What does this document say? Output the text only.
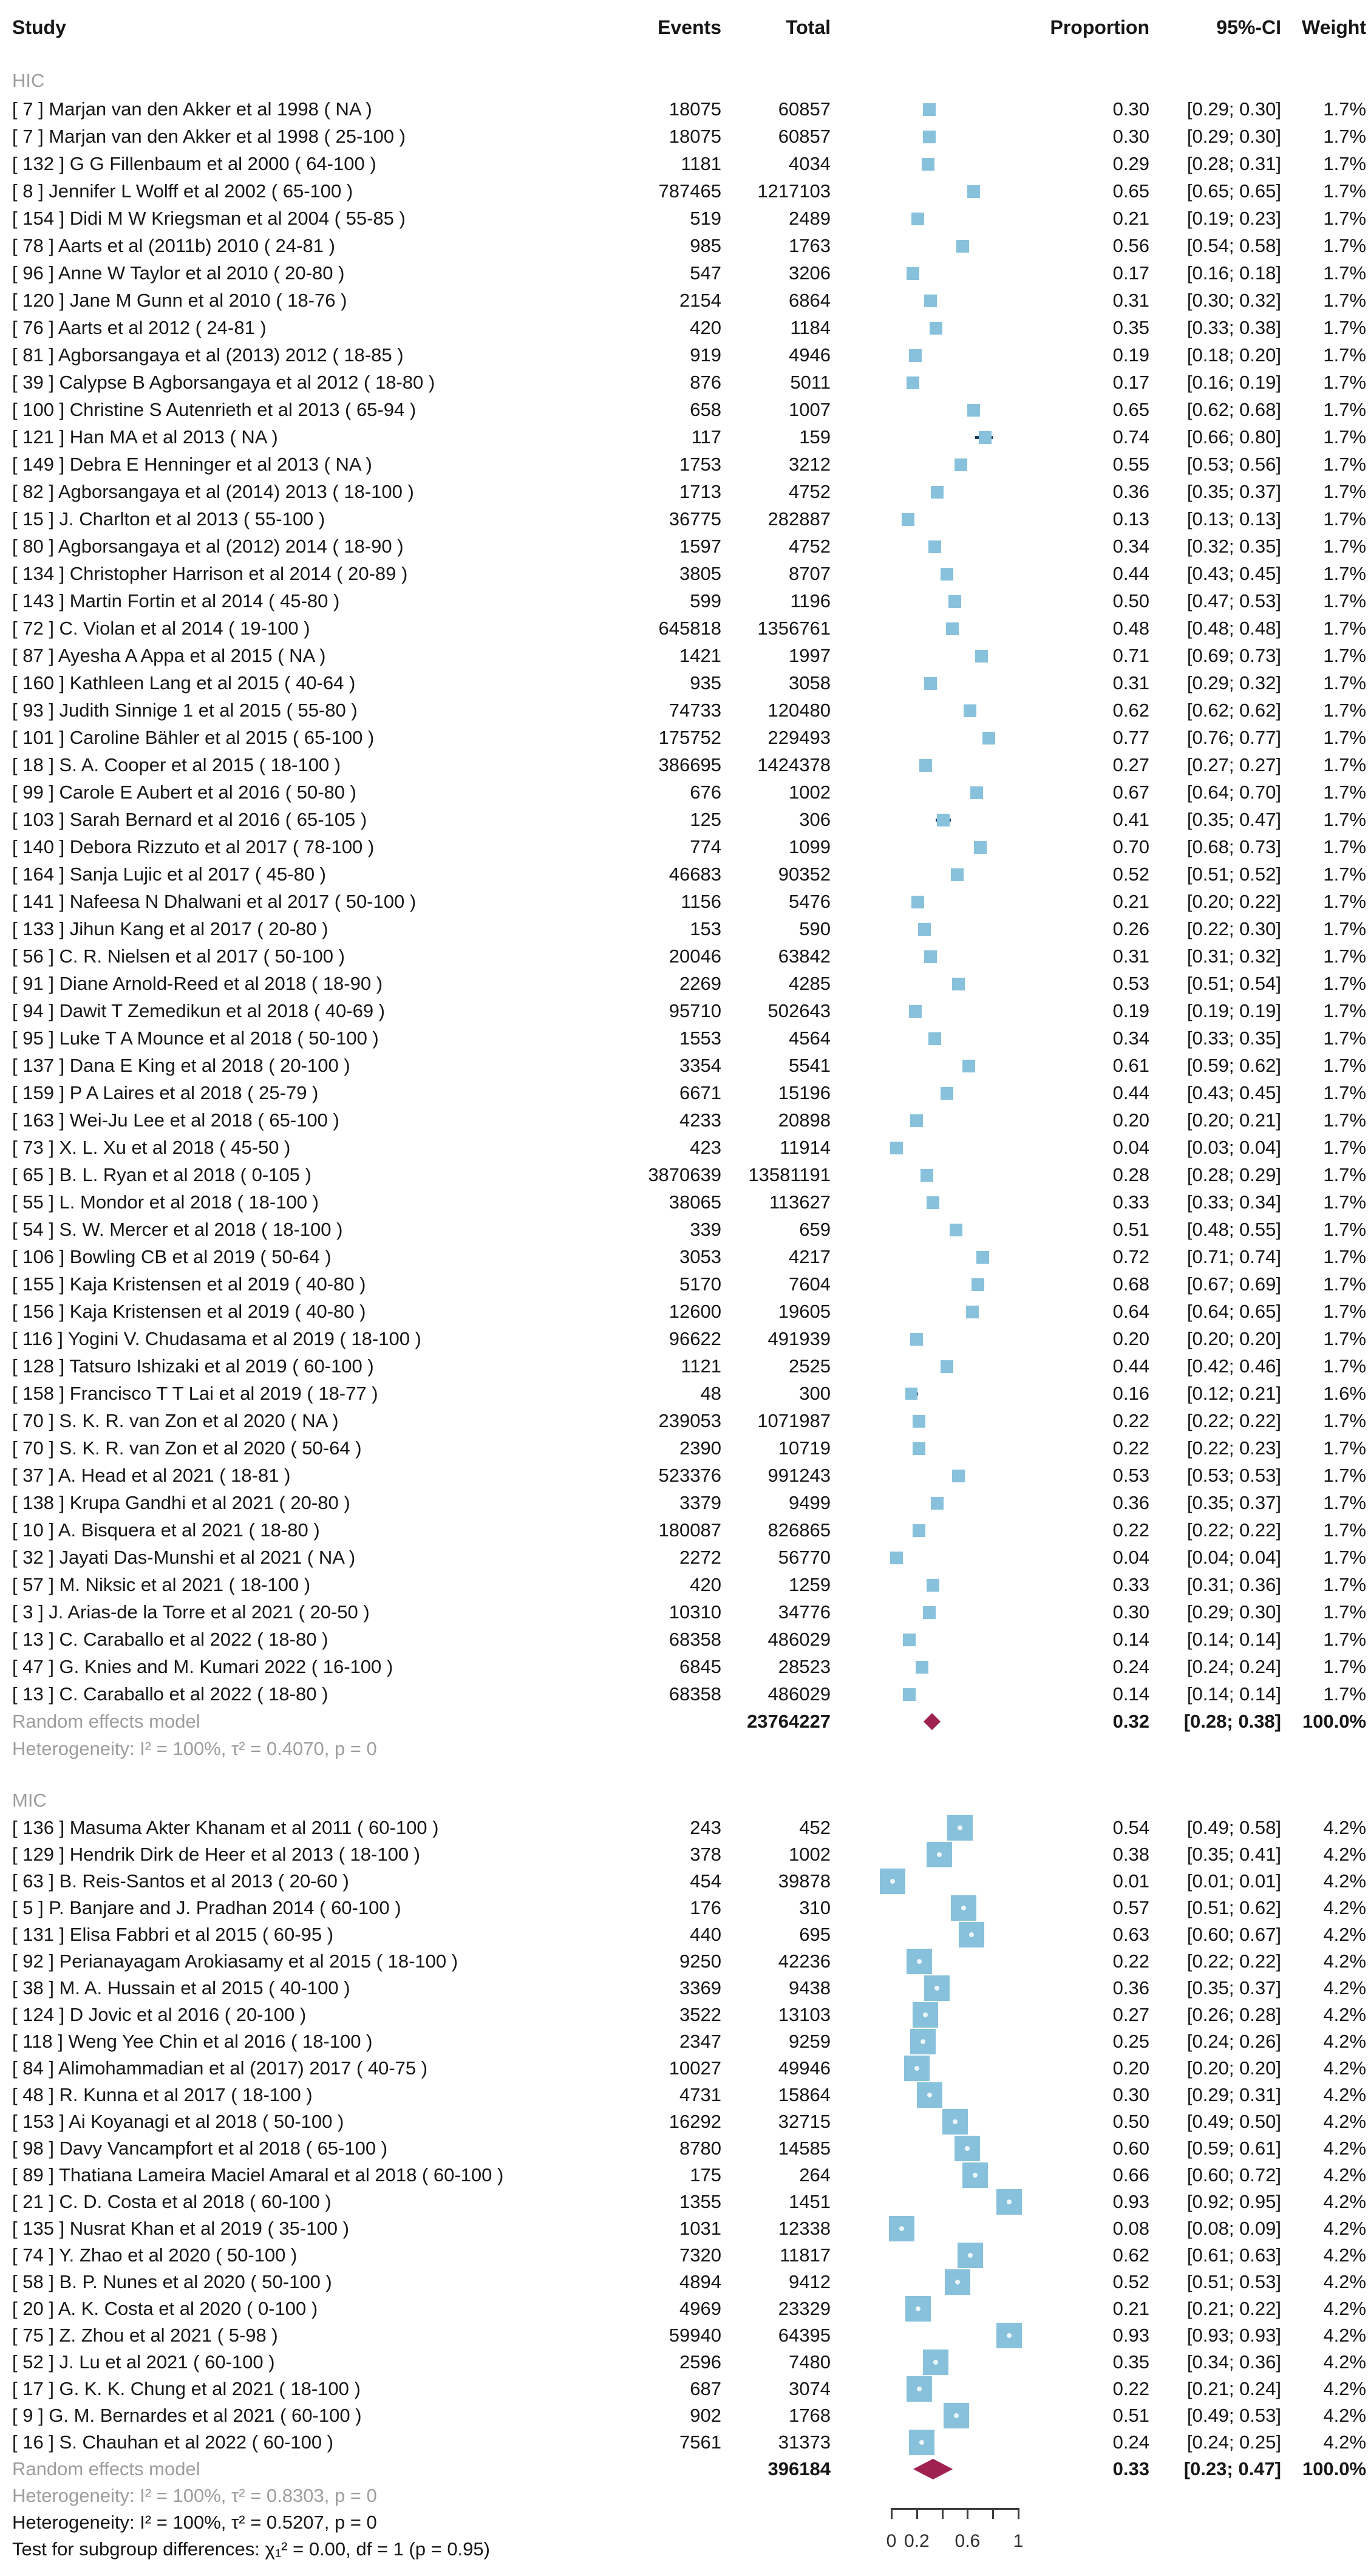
Study	Events	Total	Proportion	95%-CI Weight
HIC
[ 7 ] Marjan van den Akker et al 1998 ( NA )	18075	60857	0.30 [0.29; 0.30] 1.7%
[ 7 ] Marjan van den Akker et al 1998 ( 25-100 )	18075	60857	0.30 [0.29; 0.30] 1.7%
[ 132 ] G G Fillenbaum et al 2000 ( 64-100 )	1181	4034	0.29 [0.28; 0.31] 1.7%
[ 8 ] Jennifer L Wolff et al 2002 ( 65-100 )	787465 1217103	0.65 [0.65; 0.65] 1.7%
[ 154 ] Didi M W Kriegsman et al 2004 ( 55-85 )	519	2489	0.21 [0.19; 0.23] 1.7%
[ 78 ] Aarts et al (2011b) 2010 ( 24-81 )	985	1763	0.56 [0.54; 0.58] 1.7%
[ 96 ] Anne W Taylor et al 2010 ( 20-80 )	547	3206	0.17 [0.16; 0.18] 1.7%
[ 120 ] Jane M Gunn et al 2010 ( 18-76 )	2154	6864	0.31 [0.30; 0.32] 1.7%
[ 76 ] Aarts et al 2012 ( 24-81 )	420	1184	0.35 [0.33; 0.38] 1.7%
[ 81 ] Agborsangaya et al (2013) 2012 ( 18-85 )	919	4946	0.19 [0.18; 0.20] 1.7%
[ 39 ] Calypse B Agborsangaya et al 2012 ( 18-80 )	876	5011	0.17 [0.16; 0.19] 1.7%
[ 100 ] Christine S Autenrieth et al 2013 ( 65-94 )	658	1007	0.65 [0.62; 0.68] 1.7%
[ 121 ] Han MA et al 2013 ( NA )	117	159	0.74 [0.66; 0.80] 1.7%
[ 149 ] Debra E Henninger et al 2013 ( NA )	1753	3212	0.55 [0.53; 0.56] 1.7%
[ 82 ] Agborsangaya et al (2014) 2013 ( 18-100 )	1713	4752	0.36 [0.35; 0.37] 1.7%
[ 15 ] J. Charlton et al 2013 ( 55-100 )	36775 282887	0.13 [0.13; 0.13] 1.7%
[ 80 ] Agborsangaya et al (2012) 2014 ( 18-90 )	1597	4752	0.34 [0.32; 0.35] 1.7%
[ 134 ] Christopher Harrison et al 2014 ( 20-89 )	3805	8707	0.44 [0.43; 0.45] 1.7%
[ 143 ] Martin Fortin et al 2014 ( 45-80 )	599	1196	0.50 [0.47; 0.53] 1.7%
[ 72 ] C. Violan et al 2014 ( 19-100 )	645818 1356761	0.48 [0.48; 0.48] 1.7%
[ 87 ] Ayesha A Appa et al 2015 ( NA )	1421	1997	0.71 [0.69; 0.73] 1.7%
[ 160 ] Kathleen Lang et al 2015 ( 40-64 )	935	3058	0.31 [0.29; 0.32] 1.7%
[ 93 ] Judith Sinnige 1 et al 2015 ( 55-80 )	74733 120480	0.62 [0.62; 0.62] 1.7%
[ 101 ] Caroline Bähler et al 2015 ( 65-100 )	175752 229493	0.77 [0.76; 0.77] 1.7%
[ 18 ] S. A. Cooper et al 2015 ( 18-100 )	386695 1424378	0.27 [0.27; 0.27] 1.7%
[ 99 ] Carole E Aubert et al 2016 ( 50-80 )	676	1002	0.67 [0.64; 0.70] 1.7%
[ 103 ] Sarah Bernard et al 2016 ( 65-105 )	125	306	0.41 [0.35; 0.47] 1.7%
[ 140 ] Debora Rizzuto et al 2017 ( 78-100 )	774	1099	0.70 [0.68; 0.73] 1.7%
[ 164 ] Sanja Lujic et al 2017 ( 45-80 )	46683	90352	0.52 [0.51; 0.52] 1.7%
[ 141 ] Nafeesa N Dhalwani et al 2017 ( 50-100 )	1156	5476	0.21 [0.20; 0.22] 1.7%
[ 133 ] Jihun Kang et al 2017 ( 20-80 )	153	590	0.26 [0.22; 0.30] 1.7%
[ 56 ] C. R. Nielsen et al 2017 ( 50-100 )	20046	63842	0.31 [0.31; 0.32] 1.7%
[ 91 ] Diane Arnold-Reed et al 2018 ( 18-90 )	2269	4285	0.53 [0.51; 0.54] 1.7%
[ 94 ] Dawit T Zemedikun et al 2018 ( 40-69 )	95710 502643	0.19 [0.19; 0.19] 1.7%
[ 95 ] Luke T A Mounce et al 2018 ( 50-100 )	1553	4564	0.34 [0.33; 0.35] 1.7%
[ 137 ] Dana E King et al 2018 ( 20-100 )	3354	5541	0.61 [0.59; 0.62] 1.7%
[ 159 ] P A Laires et al 2018 ( 25-79 )	6671	15196	0.44 [0.43; 0.45] 1.7%
[ 163 ] Wei-Ju Lee et al 2018 ( 65-100 )	4233	20898	0.20 [0.20; 0.21] 1.7%
[ 73 ] X. L. Xu et al 2018 ( 45-50 )	423	11914	0.04 [0.03; 0.04] 1.7%
[ 65 ] B. L. Ryan et al 2018 ( 0-105 )	3870639 13581191	0.28 [0.28; 0.29] 1.7%
[ 55 ] L. Mondor et al 2018 ( 18-100 )	38065	113627	0.33 [0.33; 0.34] 1.7%
[ 54 ] S. W. Mercer et al 2018 ( 18-100 )	339	659	0.51 [0.48; 0.55] 1.7%
[ 106 ] Bowling CB et al 2019 ( 50-64 )	3053	4217	0.72 [0.71; 0.74] 1.7%
[ 155 ] Kaja Kristensen et al 2019 ( 40-80 )	5170	7604	0.68 [0.67; 0.69] 1.7%
[ 156 ] Kaja Kristensen et al 2019 ( 40-80 )	12600	19605	0.64 [0.64; 0.65] 1.7%
[ 116 ] Yogini V. Chudasama et al 2019 ( 18-100 )	96622 491939	0.20 [0.20; 0.20] 1.7%
[ 128 ] Tatsuro Ishizaki et al 2019 ( 60-100 )	1121	2525	0.44 [0.42; 0.46] 1.7%
[ 158 ] Francisco T T Lai et al 2019 ( 18-77 )	48	300	0.16 [0.12; 0.21] 1.6%
[ 70 ] S. K. R. van Zon et al 2020 ( NA )	239053 1071987	0.22 [0.22; 0.22] 1.7%
[ 70 ] S. K. R. van Zon et al 2020 ( 50-64 )	2390	10719	0.22 [0.22; 0.23] 1.7%
[ 37 ] A. Head et al 2021 ( 18-81 )	523376 991243	0.53 [0.53; 0.53] 1.7%
[ 138 ] Krupa Gandhi et al 2021 ( 20-80 )	3379	9499	0.36 [0.35; 0.37] 1.7%
[ 10 ] A. Bisquera et al 2021 ( 18-80 )	180087 826865	0.22 [0.22; 0.22] 1.7%
[ 32 ] Jayati Das-Munshi et al 2021 ( NA )	2272	56770	0.04 [0.04; 0.04] 1.7%
[ 57 ] M. Niksic et al 2021 ( 18-100 )	420	1259	0.33 [0.31; 0.36] 1.7%
[ 3 ] J. Arias-de la Torre et al 2021 ( 20-50 )	10310	34776	0.30 [0.29; 0.30] 1.7%
[ 13 ] C. Caraballo et al 2022 ( 18-80 )	68358 486029	0.14 [0.14; 0.14] 1.7%
[ 47 ] G. Knies and M. Kumari 2022 ( 16-100 )	6845	28523	0.24 [0.24; 0.24] 1.7%
[ 13 ] C. Caraballo et al 2022 ( 18-80 )	68358 486029	0.14 [0.14; 0.14] 1.7%
Random effects model	23764227	0.32 [0.28; 0.38] 100.0%
Heterogeneity: I² = 100%, τ² = 0.4070, p = 0
MIC
[ 136 ] Masuma Akter Khanam et al 2011 ( 60-100 )	243	452	0.54 [0.49; 0.58] 4.2%
[ 129 ] Hendrik Dirk de Heer et al 2013 ( 18-100 )	378	1002	0.38 [0.35; 0.41] 4.2%
[ 63 ] B. Reis-Santos et al 2013 ( 20-60 )	454	39878	0.01 [0.01; 0.01] 4.2%
[ 5 ] P. Banjare and J. Pradhan 2014 ( 60-100 )	176	310	0.57 [0.51; 0.62] 4.2%
[ 131 ] Elisa Fabbri et al 2015 ( 60-95 )	440	695	0.63 [0.60; 0.67] 4.2%
[ 92 ] Perianayagam Arokiasamy et al 2015 ( 18-100 )	9250	42236	0.22 [0.22; 0.22] 4.2%
[ 38 ] M. A. Hussain et al 2015 ( 40-100 )	3369	9438	0.36 [0.35; 0.37] 4.2%
[ 124 ] D Jovic et al 2016 ( 20-100 )	3522	13103	0.27 [0.26; 0.28] 4.2%
[ 118 ] Weng Yee Chin et al 2016 ( 18-100 )	2347	9259	0.25 [0.24; 0.26] 4.2%
[ 84 ] Alimohammadian et al (2017) 2017 ( 40-75 )	10027	49946	0.20 [0.20; 0.20] 4.2%
[ 48 ] R. Kunna et al 2017 ( 18-100 )	4731	15864	0.30 [0.29; 0.31] 4.2%
[ 153 ] Ai Koyanagi et al 2018 ( 50-100 )	16292	32715	0.50 [0.49; 0.50] 4.2%
[ 98 ] Davy Vancampfort et al 2018 ( 65-100 )	8780	14585	0.60 [0.59; 0.61] 4.2%
[ 89 ] Thatiana Lameira Maciel Amaral et al 2018 ( 60-100 )	175	264	0.66 [0.60; 0.72] 4.2%
[ 21 ] C. D. Costa et al 2018 ( 60-100 )	1355	1451	0.93 [0.92; 0.95] 4.2%
[ 135 ] Nusrat Khan et al 2019 ( 35-100 )	1031	12338	0.08 [0.08; 0.09] 4.2%
[ 74 ] Y. Zhao et al 2020 ( 50-100 )	7320	11817	0.62 [0.61; 0.63] 4.2%
[ 58 ] B. P. Nunes et al 2020 ( 50-100 )	4894	9412	0.52 [0.51; 0.53] 4.2%
[ 20 ] A. K. Costa et al 2020 ( 0-100 )	4969	23329	0.21 [0.21; 0.22] 4.2%
[ 75 ] Z. Zhou et al 2021 ( 5-98 )	59940	64395	0.93 [0.93; 0.93] 4.2%
[ 52 ] J. Lu et al 2021 ( 60-100 )	2596	7480	0.35 [0.34; 0.36] 4.2%
[ 17 ] G. K. K. Chung et al 2021 ( 18-100 )	687	3074	0.22 [0.21; 0.24] 4.2%
[ 9 ] G. M. Bernardes et al 2021 ( 60-100 )	902	1768	0.51 [0.49; 0.53] 4.2%
[ 16 ] S. Chauhan et al 2022 ( 60-100 )	7561	31373	0.24 [0.24; 0.25] 4.2%
Random effects model	396184	0.33 [0.23; 0.47] 100.0%
Heterogeneity: I² = 100%, τ² = 0.8303, p = 0
Heterogeneity: I² = 100%, τ² = 0.5207, p = 0
Test for subgroup differences: χ₁² = 0.00, df = 1 (p = 0.95)	0 0.2 0.6 1
